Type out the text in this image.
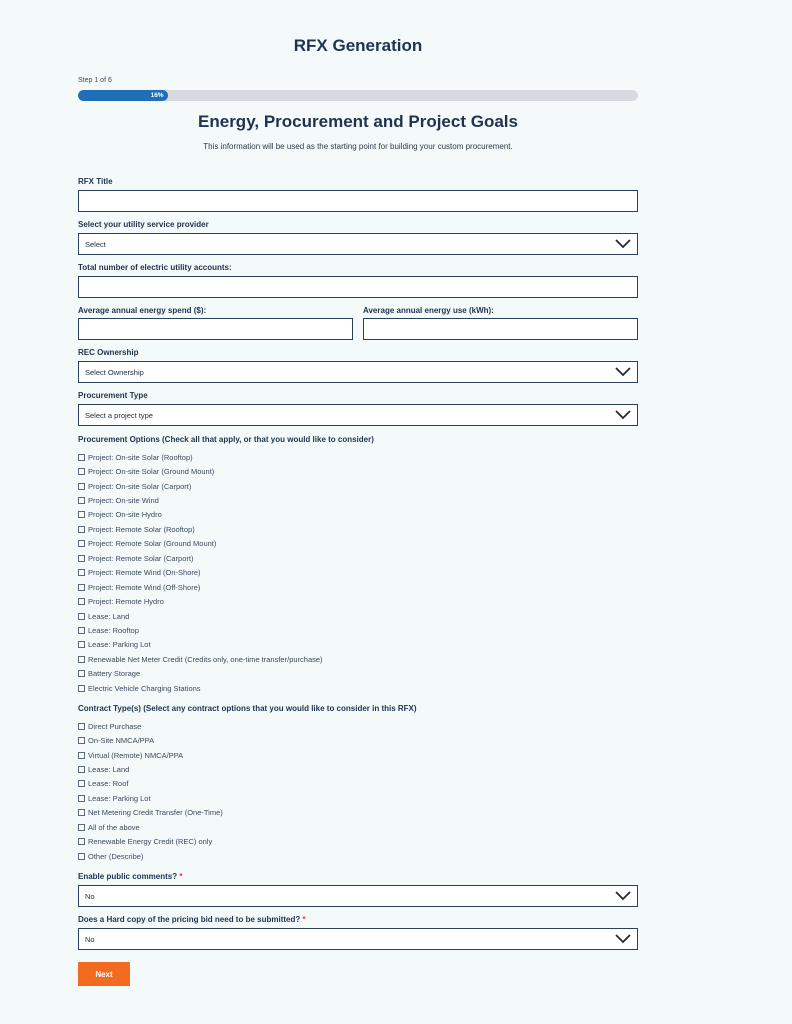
RFX Generation
Step 1 of 6
16%
Energy, Procurement and Project Goals
This information will be used as the starting point for building your custom procurement.
RFX Title
Select your utility service provider
Select
Total number of electric utility accounts:
Average annual energy spend ($):	Average annual energy use (kWh):
REC Ownership
Select Ownership
Procurement Type
Select a project type
Procurement Options (Check all that apply, or that you would like to consider)
Project: On-site Solar (Rooftop)
Project: On-site Solar (Ground Mount)
Project: On-site Solar (Carport)
Project: On-site Wind
Project: On-site Hydro
Project: Remote Solar (Rooftop)
Project: Remote Solar (Ground Mount)
Project: Remote Solar (Carport)
Project: Remote Wind (On-Shore)
Project: Remote Wind (Off-Shore)
Project: Remote Hydro
Lease: Land
Lease: Rooftop
Lease: Parking Lot
Renewable Net Meter Credit (Credits only, one-time transfer/purchase)
Battery Storage
Electric Vehicle Charging Stations
Contract Type(s) (Select any contract options that you would like to consider in this RFX)
Direct Purchase
On-Site NMCA/PPA
Virtual (Remote) NMCA/PPA
Lease: Land
Lease: Roof
Lease: Parking Lot
Net Metering Credit Transfer (One-Time)
All of the above
Renewable Energy Credit (REC) only
Other (Describe)
Enable public comments? *
No
Does a Hard copy of the pricing bid need to be submitted? *
No
Next
